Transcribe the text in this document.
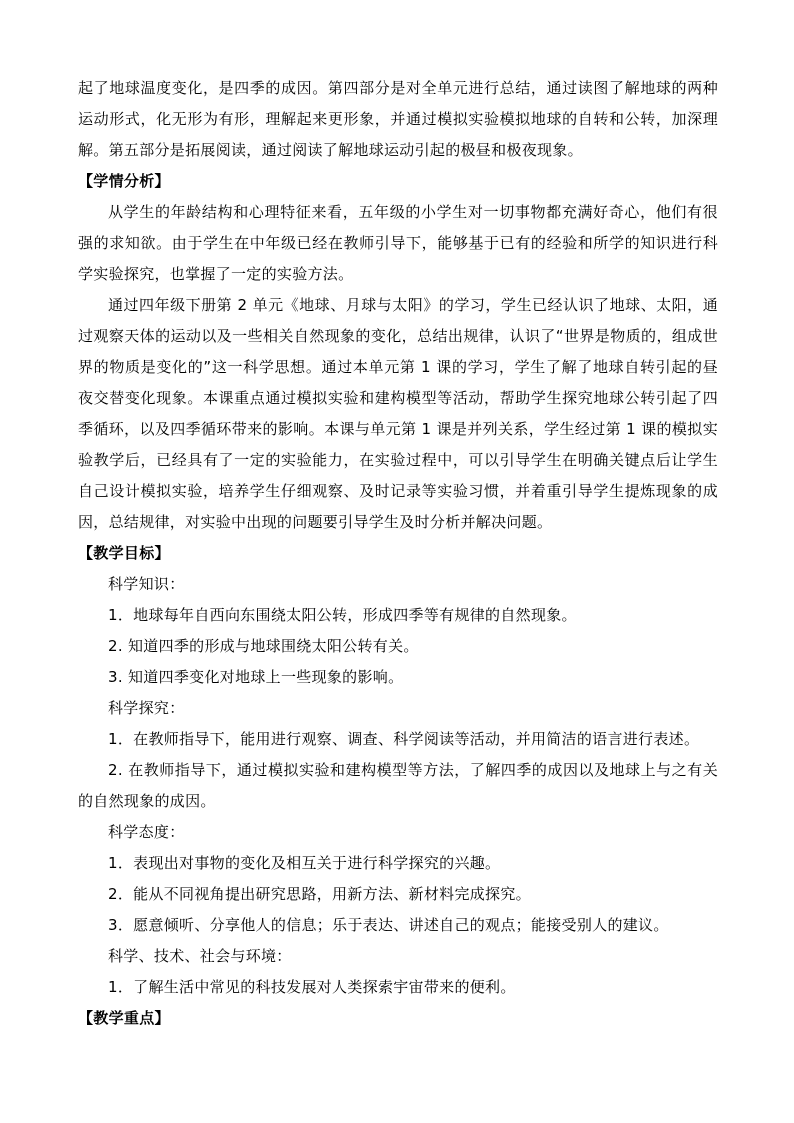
起了地球温度变化，是四季的成因。第四部分是对全单元进行总结，通过读图了解地球的两种运动形式，化无形为有形，理解起来更形象，并通过模拟实验模拟地球的自转和公转，加深理解。第五部分是拓展阅读，通过阅读了解地球运动引起的极昼和极夜现象。

【学情分析】

从学生的年龄结构和心理特征来看，五年级的小学生对一切事物都充满好奇心，他们有很强的求知欲。由于学生在中年级已经在教师引导下，能够基于已有的经验和所学的知识进行科学实验探究，也掌握了一定的实验方法。

通过四年级下册第 2 单元《地球、月球与太阳》的学习，学生已经认识了地球、太阳，通过观察天体的运动以及一些相关自然现象的变化，总结出规律，认识了“世界是物质的，组成世界的物质是变化的”这一科学思想。通过本单元第 1 课的学习，学生了解了地球自转引起的昼夜交替变化现象。本课重点通过模拟实验和建构模型等活动，帮助学生探究地球公转引起了四季循环，以及四季循环带来的影响。本课与单元第 1 课是并列关系，学生经过第 1 课的模拟实验教学后，已经具有了一定的实验能力，在实验过程中，可以引导学生在明确关键点后让学生自己设计模拟实验，培养学生仔细观察、及时记录等实验习惯，并着重引导学生提炼现象的成因，总结规律，对实验中出现的问题要引导学生及时分析并解决问题。

【教学目标】

科学知识：

1．地球每年自西向东围绕太阳公转，形成四季等有规律的自然现象。

2. 知道四季的形成与地球围绕太阳公转有关。

3. 知道四季变化对地球上一些现象的影响。

科学探究：

1．在教师指导下，能用进行观察、调查、科学阅读等活动，并用简洁的语言进行表述。

2. 在教师指导下，通过模拟实验和建构模型等方法，了解四季的成因以及地球上与之有关的自然现象的成因。

科学态度：

1．表现出对事物的变化及相互关于进行科学探究的兴趣。

2．能从不同视角提出研究思路，用新方法、新材料完成探究。

3．愿意倾听、分享他人的信息；乐于表达、讲述自己的观点；能接受别人的建议。

科学、技术、社会与环境：

1．了解生活中常见的科技发展对人类探索宇宙带来的便利。

【教学重点】
